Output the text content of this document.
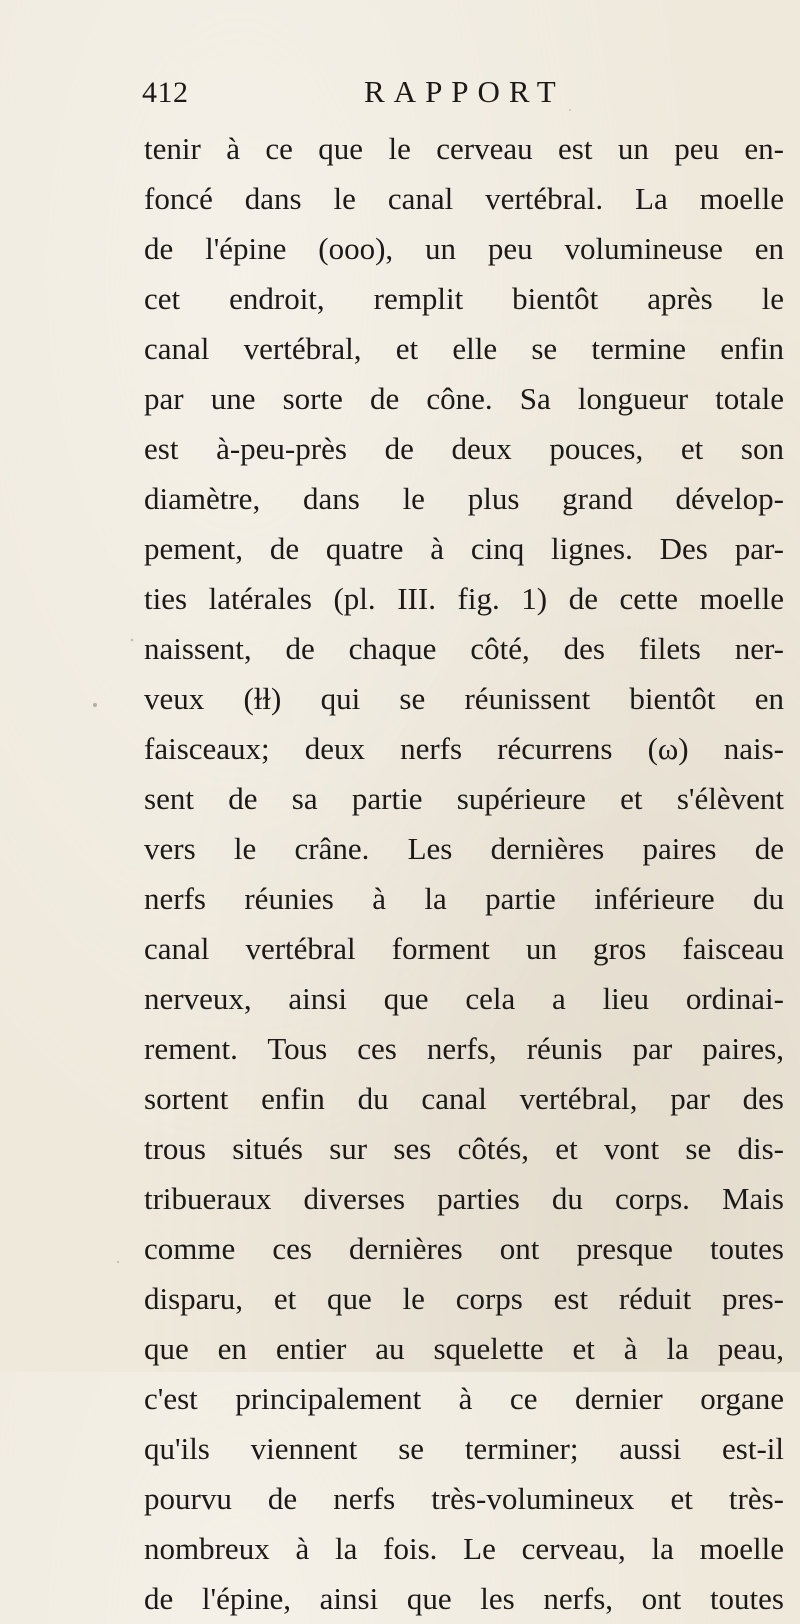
412	RAPPORT
tenir à ce que le cerveau est un peu en-
foncé dans le canal vertébral. La moelle
de l'épine (ooo), un peu volumineuse en
cet endroit, remplit bientôt après le
canal vertébral, et elle se termine enfin
par une sorte de cône. Sa longueur totale
est à-peu-près de deux pouces, et son
diamètre, dans le plus grand dévelop-
pement, de quatre à cinq lignes. Des par-
ties latérales (pl. III. fig. 1) de cette moelle
naissent, de chaque côté, des filets ner-
veux (ɫɫ) qui se réunissent bientôt en
faisceaux; deux nerfs récurrens (ω) nais-
sent de sa partie supérieure et s'élèvent
vers le crâne. Les dernières paires de
nerfs réunies à la partie inférieure du
canal vertébral forment un gros faisceau
nerveux, ainsi que cela a lieu ordinai-
rement. Tous ces nerfs, réunis par paires,
sortent enfin du canal vertébral, par des
trous situés sur ses côtés, et vont se dis-
tribueraux diverses parties du corps. Mais
comme ces dernières ont presque toutes
disparu, et que le corps est réduit pres-
que en entier au squelette et à la peau,
c'est principalement à ce dernier organe
qu'ils viennent se terminer; aussi est-il
pourvu de nerfs très-volumineux et très-
nombreux à la fois. Le cerveau, la moelle
de l'épine, ainsi que les nerfs, ont toutes
